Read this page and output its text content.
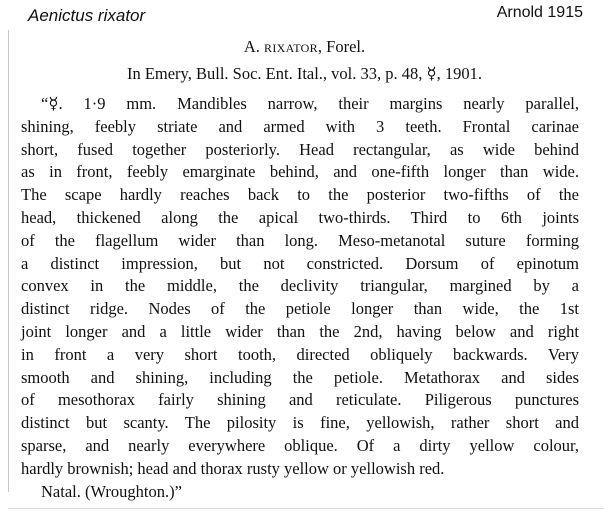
Aenictus rixator	Arnold 1915
A. rixator, Forel.
In Emery, Bull. Soc. Ent. Ital., vol. 33, p. 48, ☿, 1901.
“☿. 1·9 mm. Mandibles narrow, their margins nearly parallel,
shining, feebly striate and armed with 3 teeth. Frontal carinae
short, fused together posteriorly. Head rectangular, as wide behind
as in front, feebly emarginate behind, and one-fifth longer than wide.
The scape hardly reaches back to the posterior two-fifths of the
head, thickened along the apical two-thirds. Third to 6th joints
of the flagellum wider than long. Meso-metanotal suture forming
a distinct impression, but not constricted. Dorsum of epinotum
convex in the middle, the declivity triangular, margined by a
distinct ridge. Nodes of the petiole longer than wide, the 1st
joint longer and a little wider than the 2nd, having below and right
in front a very short tooth, directed obliquely backwards. Very
smooth and shining, including the petiole. Metathorax and sides
of mesothorax fairly shining and reticulate. Piligerous punctures
distinct but scanty. The pilosity is fine, yellowish, rather short and
sparse, and nearly everywhere oblique. Of a dirty yellow colour,
hardly brownish; head and thorax rusty yellow or yellowish red.
Natal. (Wroughton.)”
